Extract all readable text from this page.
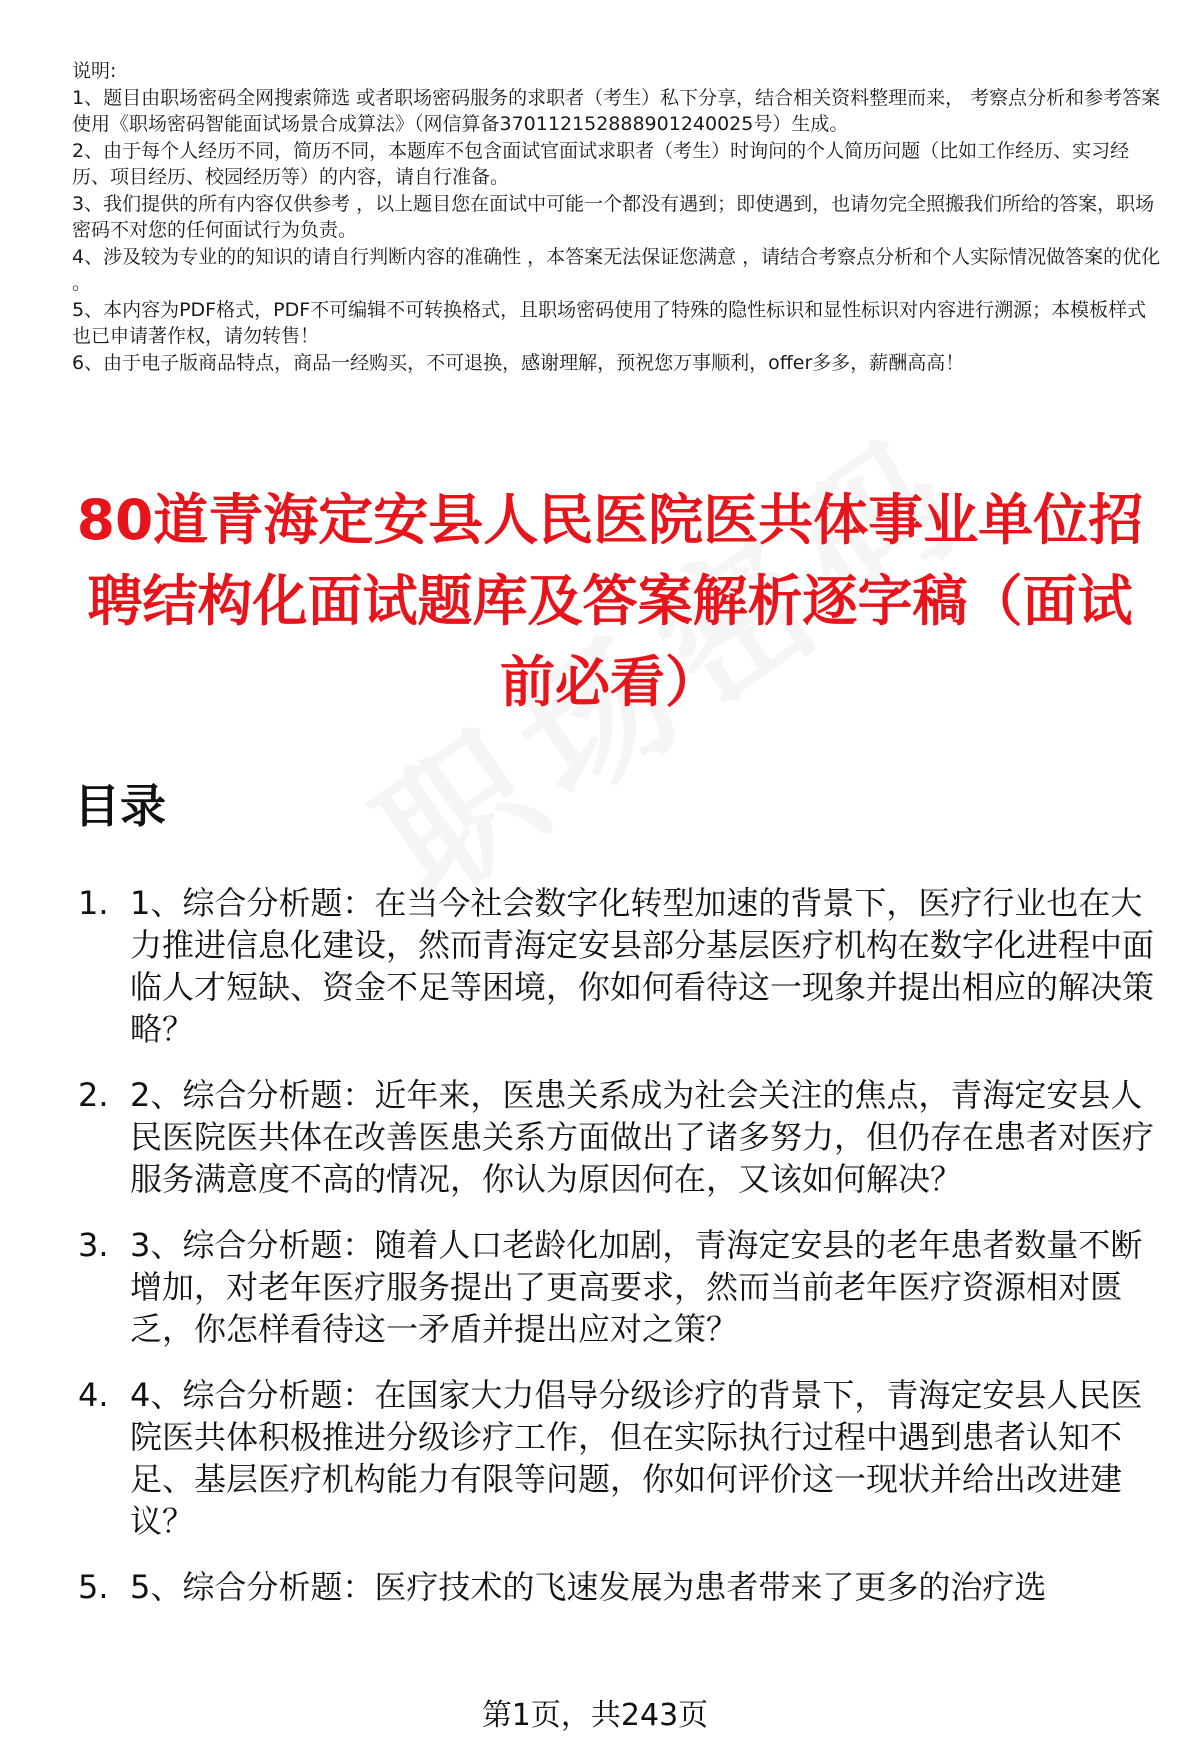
说明:

1、题目由职场密码全网搜索筛选 或者职场密码服务的求职者（考生）私下分享，结合相关资料整理而来， 考察点分析和参考答案使用《职场密码智能面试场景合成算法》（网信算备370112152888901240025号）生成。

2、由于每个人经历不同，简历不同，本题库不包含面试官面试求职者（考生）时询问的个人简历问题（比如工作经历、实习经历、项目经历、校园经历等）的内容，请自行准备。

3、我们提供的所有内容仅供参考 ，以上题目您在面试中可能一个都没有遇到；即使遇到，也请勿完全照搬我们所给的答案，职场密码不对您的任何面试行为负责。

4、涉及较为专业的的知识的请自行判断内容的准确性 ，本答案无法保证您满意 ，请结合考察点分析和个人实际情况做答案的优化 。

5、本内容为PDF格式，PDF不可编辑不可转换格式，且职场密码使用了特殊的隐性标识和显性标识对内容进行溯源；本模板样式也已申请著作权，请勿转售！

6、由于电子版商品特点，商品一经购买，不可退换，感谢理解，预祝您万事顺利，offer多多，薪酬高高！

80道青海定安县人民医院医共体事业单位招聘结构化面试题库及答案解析逐字稿（面试前必看）
目录
1. 1、综合分析题：在当今社会数字化转型加速的背景下，医疗行业也在大力推进信息化建设，然而青海定安县部分基层医疗机构在数字化进程中面临人才短缺、资金不足等困境，你如何看待这一现象并提出相应的解决策略？
2. 2、综合分析题：近年来，医患关系成为社会关注的焦点，青海定安县人民医院医共体在改善医患关系方面做出了诸多努力，但仍存在患者对医疗服务满意度不高的情况，你认为原因何在，又该如何解决？
3. 3、综合分析题：随着人口老龄化加剧，青海定安县的老年患者数量不断增加，对老年医疗服务提出了更高要求，然而当前老年医疗资源相对匮乏，你怎样看待这一矛盾并提出应对之策？
4. 4、综合分析题：在国家大力倡导分级诊疗的背景下，青海定安县人民医院医共体积极推进分级诊疗工作，但在实际执行过程中遇到患者认知不足、基层医疗机构能力有限等问题，你如何评价这一现状并给出改进建议？
5. 5、综合分析题：医疗技术的飞速发展为患者带来了更多的治疗选
第1页，共243页
